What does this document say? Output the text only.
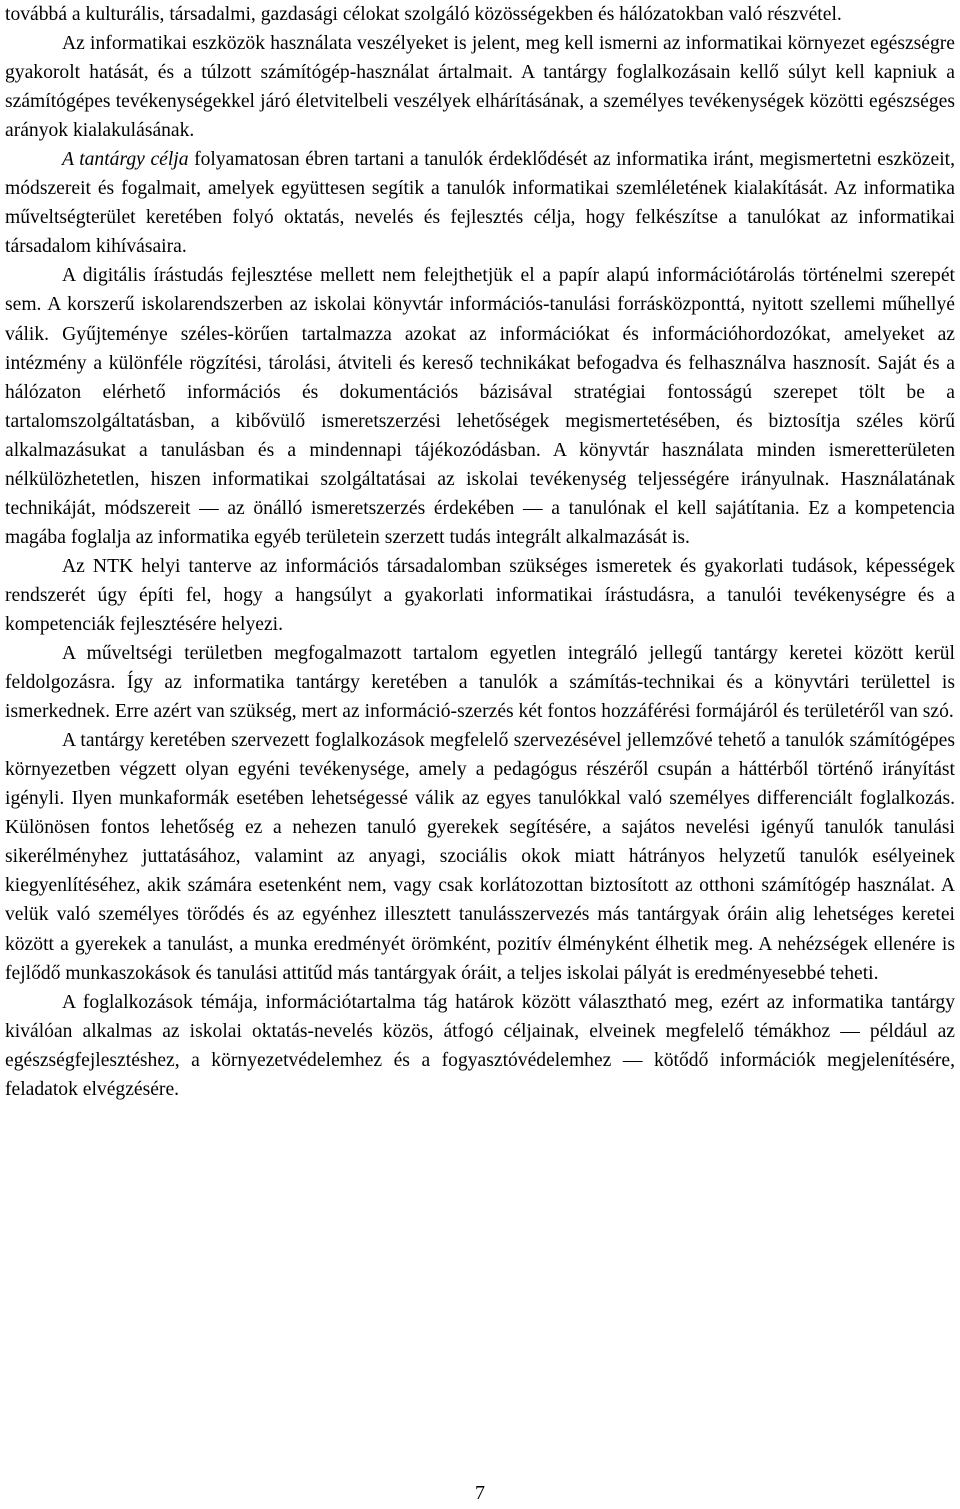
továbbá a kulturális, társadalmi, gazdasági célokat szolgáló közösségekben és hálózatokban való részvétel.

Az informatikai eszközök használata veszélyeket is jelent, meg kell ismerni az informatikai környezet egészségre gyakorolt hatását, és a túlzott számítógép-használat ártalmait. A tantárgy foglalkozásain kellő súlyt kell kapniuk a számítógépes tevékenységekkel járó életvitelbeli veszélyek elhárításának, a személyes tevékenységek közötti egészséges arányok kialakulásának.

A tantárgy célja folyamatosan ébren tartani a tanulók érdeklődését az informatika iránt, megismertetni eszközeit, módszereit és fogalmait, amelyek együttesen segítik a tanulók informatikai szemléletének kialakítását. Az informatika műveltségterület keretében folyó oktatás, nevelés és fejlesztés célja, hogy felkészítse a tanulókat az informatikai társadalom kihívásaira.

A digitális írástudás fejlesztése mellett nem felejthetjük el a papír alapú információtárolás történelmi szerepét sem. A korszerű iskolarendszerben az iskolai könyvtár információs-tanulási forrásközponttá, nyitott szellemi műhellyé válik. Gyűjteménye széles-körűen tartalmazza azokat az információkat és információhordozókat, amelyeket az intézmény a különféle rögzítési, tárolási, átviteli és kereső technikákat befogadva és felhasználva hasznosít. Saját és a hálózaton elérhető információs és dokumentációs bázisával stratégiai fontosságú szerepet tölt be a tartalomszolgáltatásban, a kibővülő ismeretszerzési lehetőségek megismertetésében, és biztosítja széles körű alkalmazásukat a tanulásban és a mindennapi tájékozódásban. A könyvtár használata minden ismeretterületen nélkülözhetetlen, hiszen informatikai szolgáltatásai az iskolai tevékenység teljességére irányulnak. Használatának technikáját, módszereit — az önálló ismeretszerzés érdekében — a tanulónak el kell sajátítania. Ez a kompetencia magába foglalja az informatika egyéb területein szerzett tudás integrált alkalmazását is.

Az NTK helyi tanterve az információs társadalomban szükséges ismeretek és gyakorlati tudások, képességek rendszerét úgy építi fel, hogy a hangsúlyt a gyakorlati informatikai írástudásra, a tanulói tevékenységre és a kompetenciák fejlesztésére helyezi.

A műveltségi területben megfogalmazott tartalom egyetlen integráló jellegű tantárgy keretei között kerül feldolgozásra. Így az informatika tantárgy keretében a tanulók a számítás-technikai és a könyvtári területtel is ismerkednek. Erre azért van szükség, mert az információ-szerzés két fontos hozzáférési formájáról és területéről van szó.

A tantárgy keretében szervezett foglalkozások megfelelő szervezésével jellemzővé tehető a tanulók számítógépes környezetben végzett olyan egyéni tevékenysége, amely a pedagógus részéről csupán a háttérből történő irányítást igényli. Ilyen munkaformák esetében lehetségessé válik az egyes tanulókkal való személyes differenciált foglalkozás. Különösen fontos lehetőség ez a nehezen tanuló gyerekek segítésére, a sajátos nevelési igényű tanulók tanulási sikerélményhez juttatásához, valamint az anyagi, szociális okok miatt hátrányos helyzetű tanulók esélyeinek kiegyenlítéséhez, akik számára esetenként nem, vagy csak korlátozottan biztosított az otthoni számítógép használat. A velük való személyes törődés és az egyénhez illesztett tanulásszervezés más tantárgyak óráin alig lehetséges keretei között a gyerekek a tanulást, a munka eredményét örömként, pozitív élményként élhetik meg. A nehézségek ellenére is fejlődő munkaszokások és tanulási attitűd más tantárgyak óráit, a teljes iskolai pályát is eredményesebbé teheti.

A foglalkozások témája, információtartalma tág határok között választható meg, ezért az informatika tantárgy kiválóan alkalmas az iskolai oktatás-nevelés közös, átfogó céljainak, elveinek megfelelő témákhoz — például az egészségfejlesztéshez, a környezetvédelemhez és a fogyasztóvédelemhez — kötődő információk megjelenítésére, feladatok elvégzésére.

7
